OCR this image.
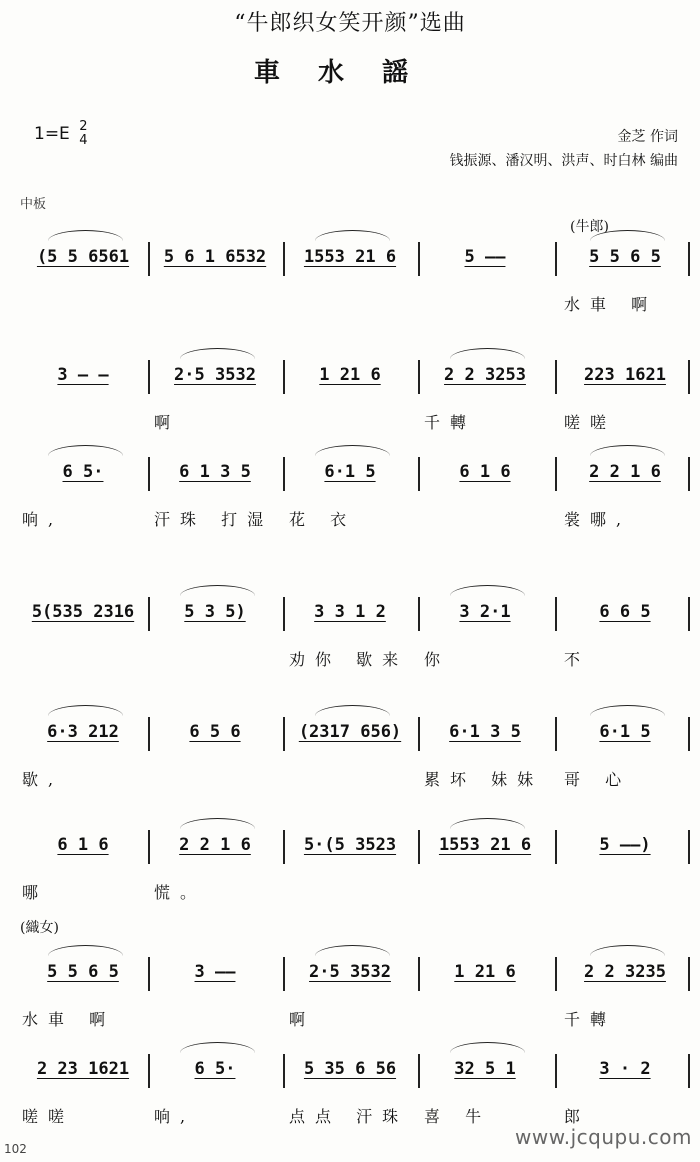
“牛郎织女笑开颜”选曲
車水謡
1=E 2
4	金芝 作词
钱振源、潘汉明、洪声、时白林 编曲
中板
(牛郎)
(5 5 6561	5 6 1 6532	1553 21 6	5 ——	5 5 6 5
水車 啊
3 — —	2·5 3532	1 21 6	2 2 3253	223 1621
啊	千轉	嗟嗟
6 5·	6 1 3 5	6·1 5	6 1 6	2 2 1 6
响,	汗珠 打湿 花 衣	裳哪,
5(535 2316	5 3 5)	3 3 1 2	3 2·1	6 6 5
劝你 歇来 你	不
6·3 212	6 5 6	(2317 656)	6·1 3 5	6·1 5
歇,	累坏 妹妹 哥 心
6 1 6	2 2 1 6	5·(5 3523	1553 21 6	5 ——)
哪	慌。
(織女)
5 5 6 5	3 ——	2·5 3532	1 21 6	2 2 3235
水車 啊	啊	千轉
2 23 1621	6 5·	5 35 6 56	32 5 1	3 · 2
嗟嗟	响,	点点 汗珠 喜 牛	郎
102	www.jcqupu.com
